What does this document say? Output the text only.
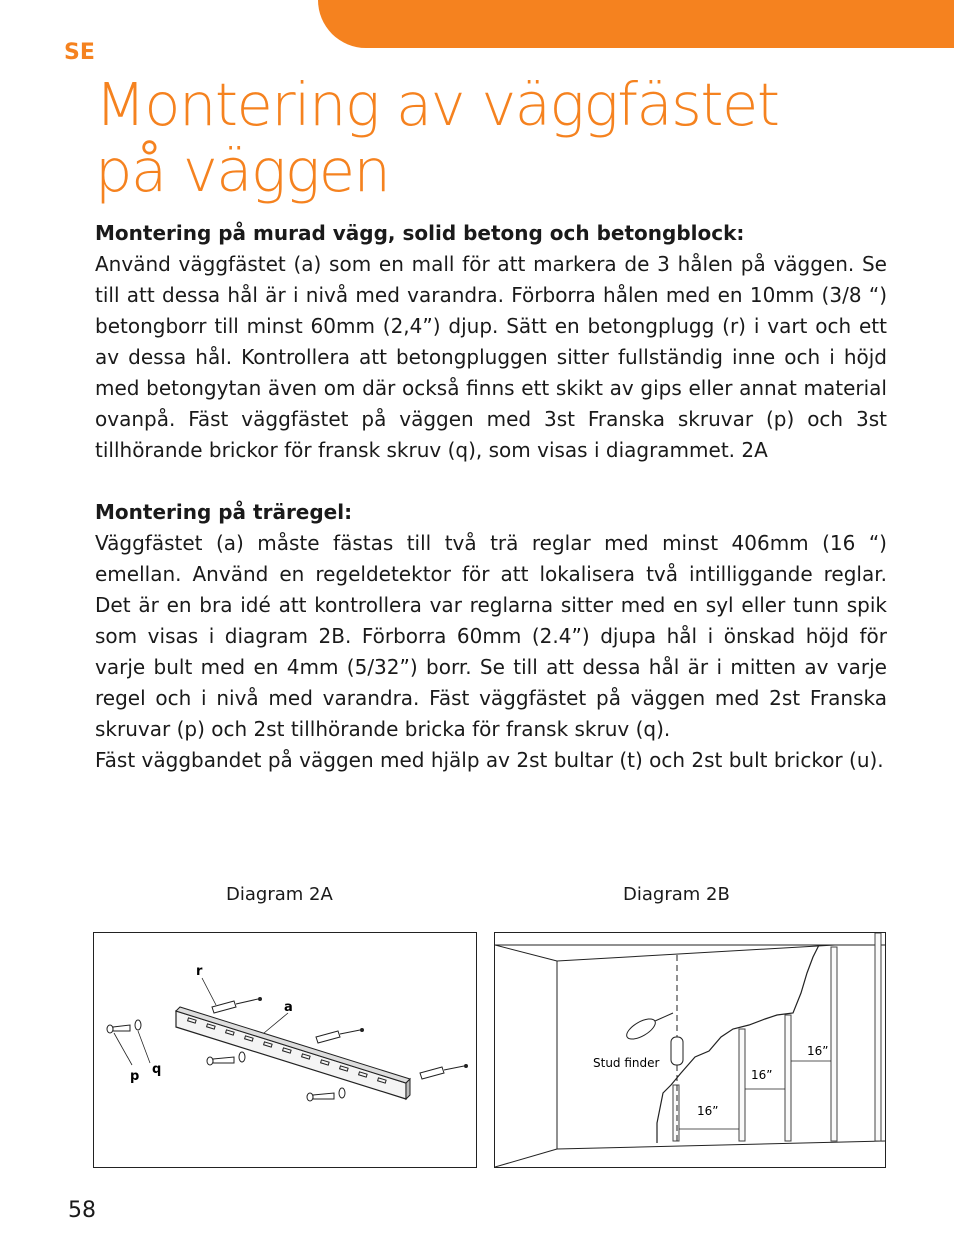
SE
Montering av väggfästet
på väggen

Montering på murad vägg, solid betong och betongblock:

Använd väggfästet (a) som en mall för att markera de 3 hålen på väggen. Se till att dessa hål är i nivå med varandra. Förborra hålen med en 10mm (3/8 “) betongborr till minst 60mm (2,4”) djup. Sätt en betongplugg (r) i vart och ett av dessa hål. Kontrollera att betongpluggen sitter fullständig inne och i höjd med betongytan även om där också finns ett skikt av gips eller annat material ovanpå. Fäst väggfästet på väggen med 3st Franska skruvar (p) och 3st tillhörande brickor för fransk skruv (q), som visas i diagrammet. 2A

Montering på träregel:

Väggfästet (a) måste fästas till två trä reglar med minst 406mm (16 “) emellan. Använd en regeldetektor för att lokalisera två intilliggande reglar. Det är en bra idé att kontrollera var reglarna sitter med en syl eller tunn spik som visas i diagram 2B. Förborra 60mm (2.4”) djupa hål i önskad höjd för varje bult med en 4mm (5/32”) borr. Se till att dessa hål är i mitten av varje regel och i nivå med varandra. Fäst väggfästet på väggen med 2st Franska skruvar (p) och 2st tillhörande bricka för fransk skruv (q).

Fäst väggbandet på väggen med hjälp av 2st bultar (t) och 2st bult brickor (u).

Diagram 2A	Diagram 2B
r
a
p q	Stud finder
16”
16”
16”
58
